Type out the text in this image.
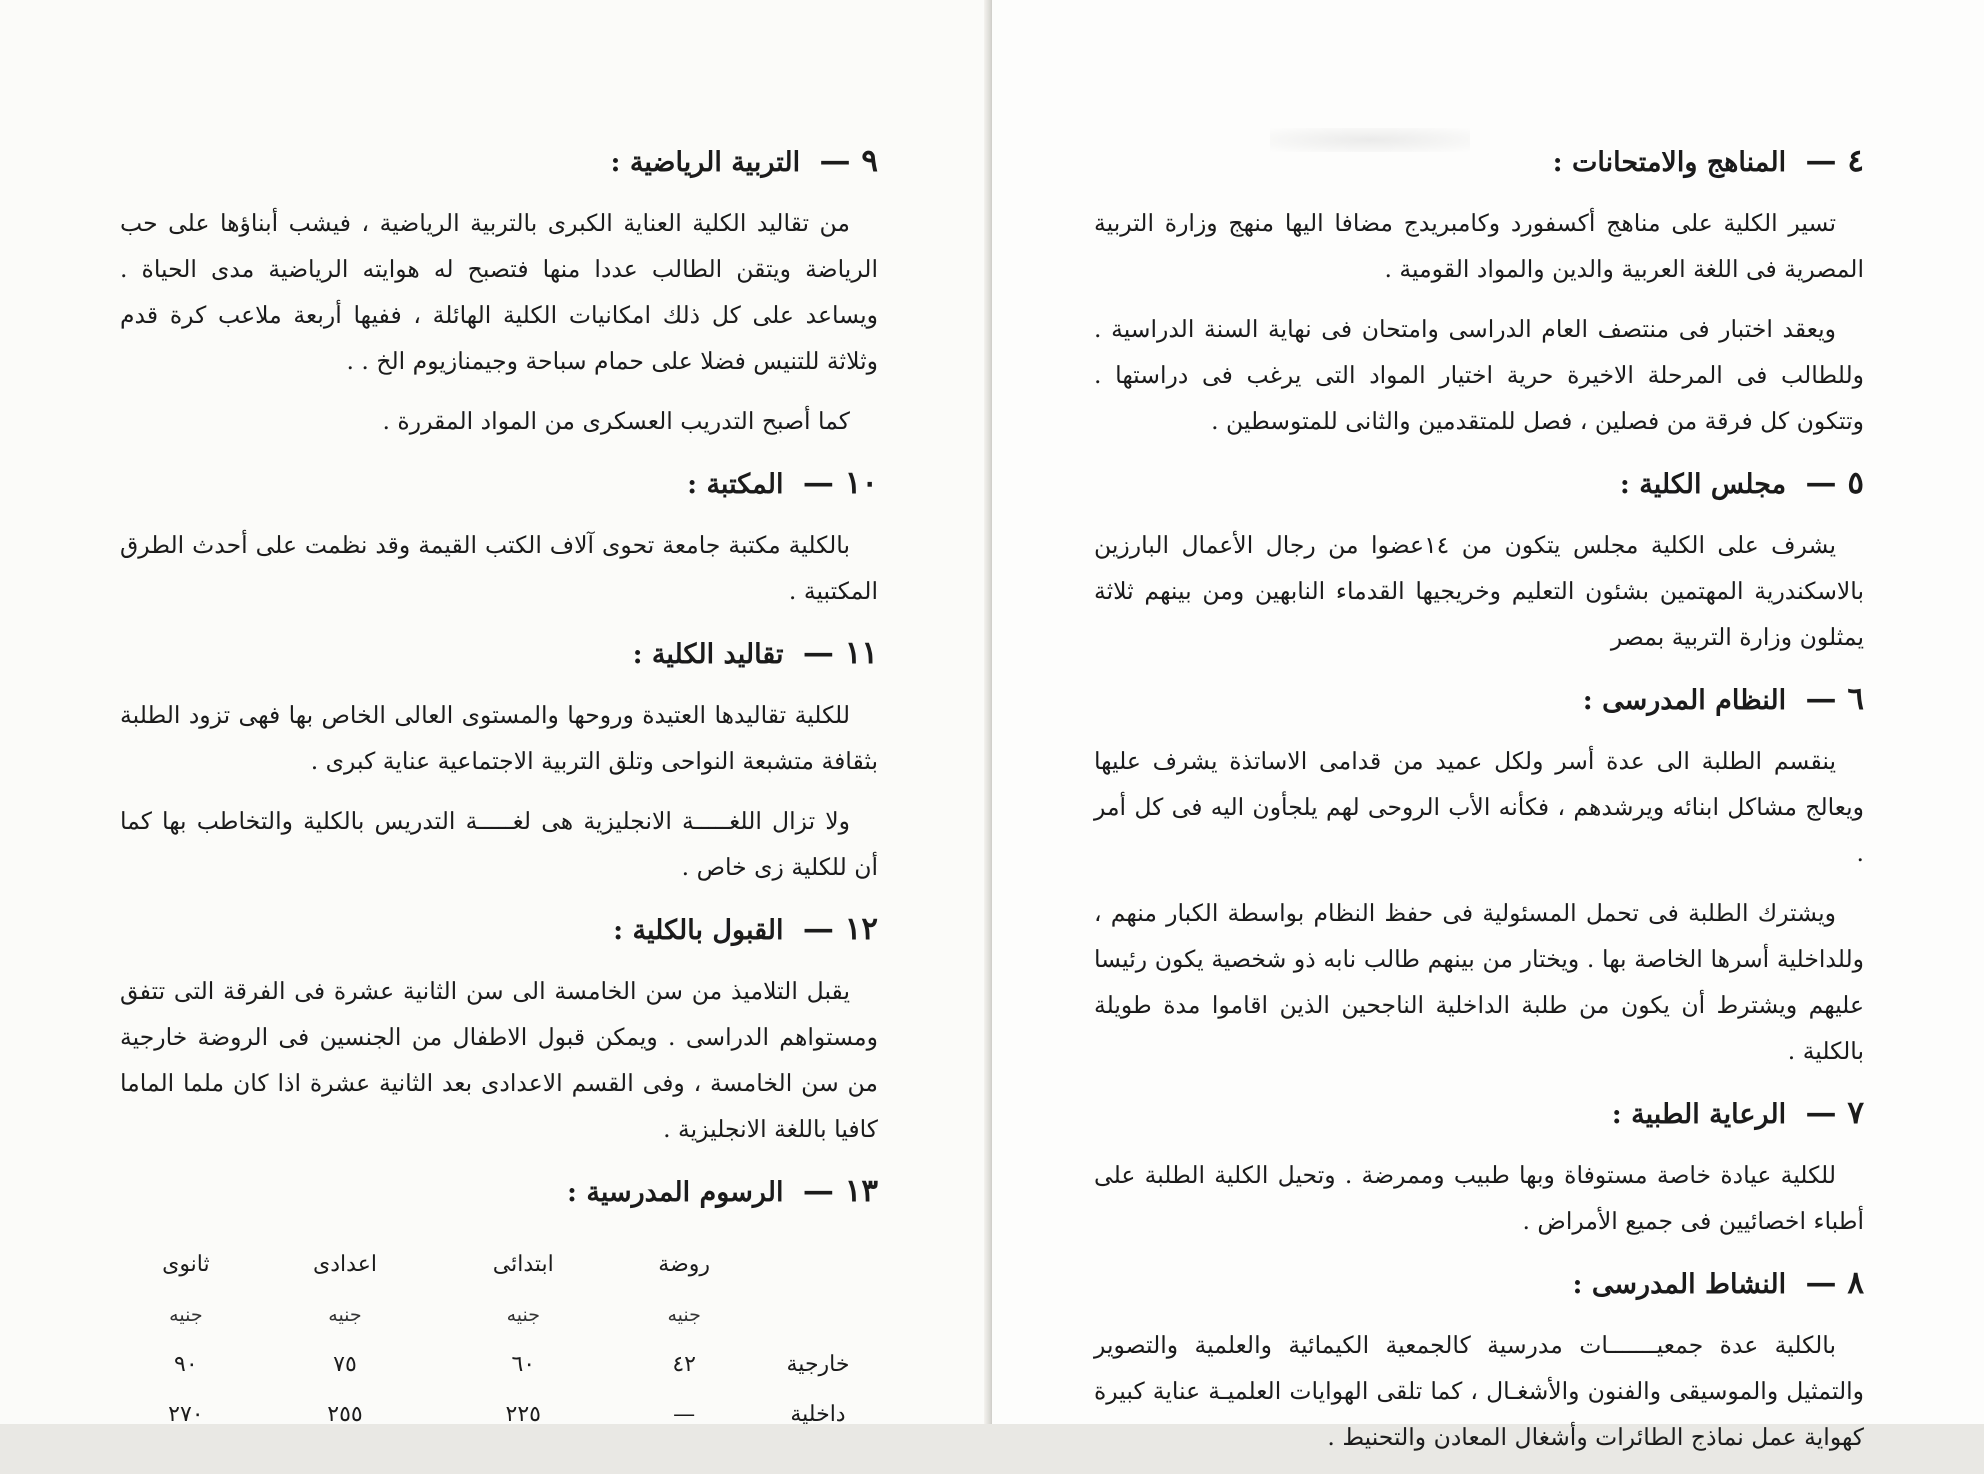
٩ — التربية الرياضية :

من تقاليد الكلية العناية الكبرى بالتربية الرياضية ، فيشب أبناؤها على حب الرياضة ويتقن الطالب عددا منها فتصبح له هوايته الرياضية مدى الحياة . ويساعد على كل ذلك امكانيات الكلية الهائلة ، ففيها أربعة ملاعب كرة قدم وثلاثة للتنيس فضلا على حمام سباحة وجيمنازيوم الخ . .

كما أصبح التدريب العسكرى من المواد المقررة .

١٠ — المكتبة :

بالكلية مكتبة جامعة تحوى آلاف الكتب القيمة وقد نظمت على أحدث الطرق المكتبية .

١١ — تقاليد الكلية :

للكلية تقاليدها العتيدة وروحها والمستوى العالى الخاص بها فهى تزود الطلبة بثقافة متشبعة النواحى وتلق التربية الاجتماعية عناية كبرى .

ولا تزال اللغـــــة الانجليزية هى لغـــــة التدريس بالكلية والتخاطب بها كما أن للكلية زى خاص .

١٢ — القبول بالكلية :

يقبل التلاميذ من سن الخامسة الى سن الثانية عشرة فى الفرقة التى تتفق ومستواهم الدراسى . ويمكن قبول الاطفال من الجنسين فى الروضة خارجية من سن الخامسة ، وفى القسم الاعدادى بعد الثانية عشرة اذا كان ملما الماما كافيا باللغة الانجليزية .

١٣ — الرسوم المدرسية :
	روضة	ابتدائى	اعدادى	ثانوى
	جنيه	جنيه	جنيه	جنيه
خارجية	٤٢	٦٠	٧٥	٩٠
داخلية	—	٢٢٥	٢٥٥	٢٧٠
٤ — المناهج والامتحانات :

تسير الكلية على مناهج أكسفورد وكامبريدج مضافا اليها منهج وزارة التربية المصرية فى اللغة العربية والدين والمواد القومية .

ويعقد اختبار فى منتصف العام الدراسى وامتحان فى نهاية السنة الدراسية . وللطالب فى المرحلة الاخيرة حرية اختيار المواد التى يرغب فى دراستها . وتتكون كل فرقة من فصلين ، فصل للمتقدمين والثانى للمتوسطين .

٥ — مجلس الكلية :

يشرف على الكلية مجلس يتكون من ١٤عضوا من رجال الأعمال البارزين بالاسكندرية المهتمين بشئون التعليم وخريجيها القدماء النابهين ومن بينهم ثلاثة يمثلون وزارة التربية بمصر

٦ — النظام المدرسى :

ينقسم الطلبة الى عدة أسر ولكل عميد من قدامى الاساتذة يشرف عليها ويعالج مشاكل ابنائه ويرشدهم ، فكأنه الأب الروحى لهم يلجأون اليه فى كل أمر .

ويشترك الطلبة فى تحمل المسئولية فى حفظ النظام بواسطة الكبار منهم ، وللداخلية أسرها الخاصة بها . ويختار من بينهم طالب نابه ذو شخصية يكون رئيسا عليهم ويشترط أن يكون من طلبة الداخلية الناجحين الذين اقاموا مدة طويلة بالكلية .

٧ — الرعاية الطبية :

للكلية عيادة خاصة مستوفاة وبها طبيب وممرضة . وتحيل الكلية الطلبة على أطباء اخصائيين فى جميع الأمراض .

٨ — النشاط المدرسى :

بالكلية عدة جمعيـــــــات مدرسية كالجمعية الكيمائية والعلمية والتصوير والتمثيل والموسيقى والفنون والأشغـال ، كما تلقى الهوايات العلميـة عناية كبيرة كهواية عمل نماذج الطائرات وأشغال المعادن والتحنيط .
